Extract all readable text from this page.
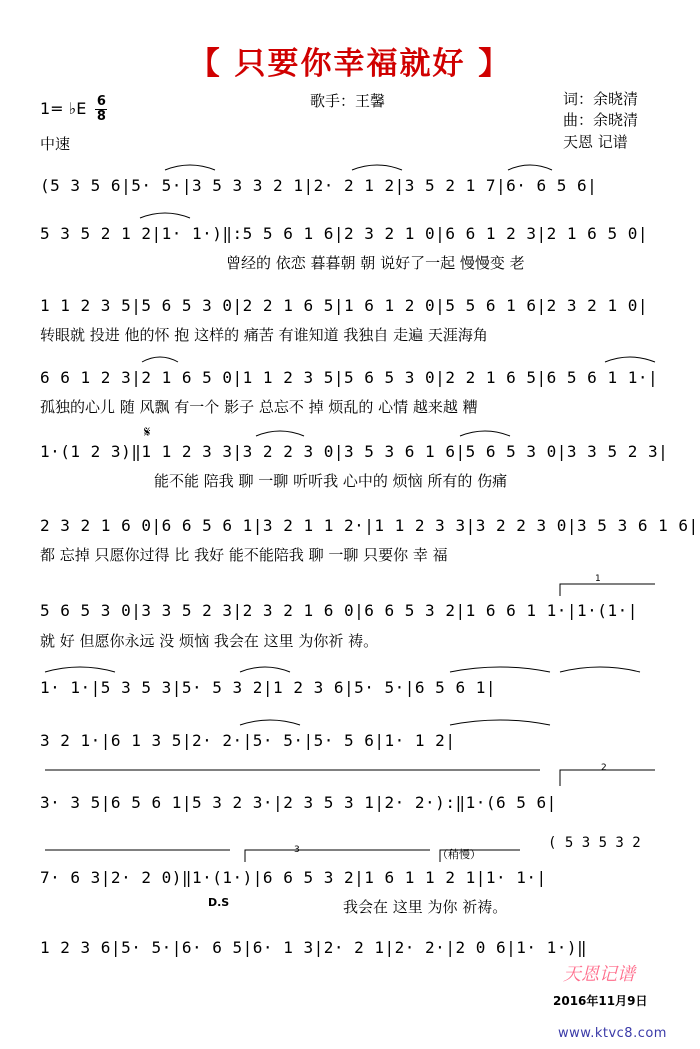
【 只要你幸福就好 】
歌手：王馨	词：余晓清
曲：余晓清
天恩 记谱
1= ♭E $\frac{6}{8}$
中速
(5 3 5 6|5· 5·|3 5 3 3 2 1|2· 2 1 2|3 5 2 1 7|6· 6 5 6|
5 3 5 2 1 2|1· 1·)‖:5 5 6 1 6|2 3 2 1 0|6 6 1 2 3|2 1 6 5 0|
曾经的 依恋 暮暮朝 朝 说好了一起 慢慢变 老
1 1 2 3 5|5 6 5 3 0|2 2 1 6 5|1 6 1 2 0|5 5 6 1 6|2 3 2 1 0|
转眼就 投进 他的怀 抱 这样的 痛苦 有谁知道 我独自 走遍 天涯海角
6 6 1 2 3|2 1 6 5 0|1 1 2 3 5|5 6 5 3 0|2 2 1 6 5|6 5 6 1 1·|
孤独的心儿 随 风飘 有一个 影子 总忘不 掉 烦乱的 心情 越来越 糟
𝄋
1·(1 2 3)‖1 1 2 3 3|3 2 2 3 0|3 5 3 6 1 6|5 6 5 3 0|3 3 5 2 3|
能不能 陪我 聊 一聊 听听我 心中的 烦恼 所有的 伤痛
2 3 2 1 6 0|6 6 5 6 1|3 2 1 1 2·|1 1 2 3 3|3 2 2 3 0|3 5 3 6 1 6|
都 忘掉 只愿你过得 比 我好 能不能陪我 聊 一聊 只要你 幸 福
1
5 6 5 3 0|3 3 5 2 3|2 3 2 1 6 0|6 6 5 3 2|1 6 6 1 1·|1·(1·|
就 好 但愿你永远 没 烦恼 我会在 这里 为你祈 祷。
1· 1·|5 3 5 3|5· 5 3 2|1 2 3 6|5· 5·|6 5 6 1|
3 2 1·|6 1 3 5|2· 2·|5· 5·|5· 5 6|1· 1 2|
2
3· 3 5|6 5 6 1|5 3 2 3·|2 3 5 3 1|2· 2·):‖1·(6 5 6|
3	（稍慢）
( 5 3 5 3 2
7· 6 3|2· 2 0)‖1·(1·)|6 6 5 3 2|1 6 1 1 2 1|1· 1·|
D.S	我会在 这里 为你 祈祷。
1 2 3 6|5· 5·|6· 6 5|6· 1 3|2· 2 1|2· 2·|2 0 6|1· 1·)‖
天恩记谱
2016年11月9日
www.ktvc8.com
